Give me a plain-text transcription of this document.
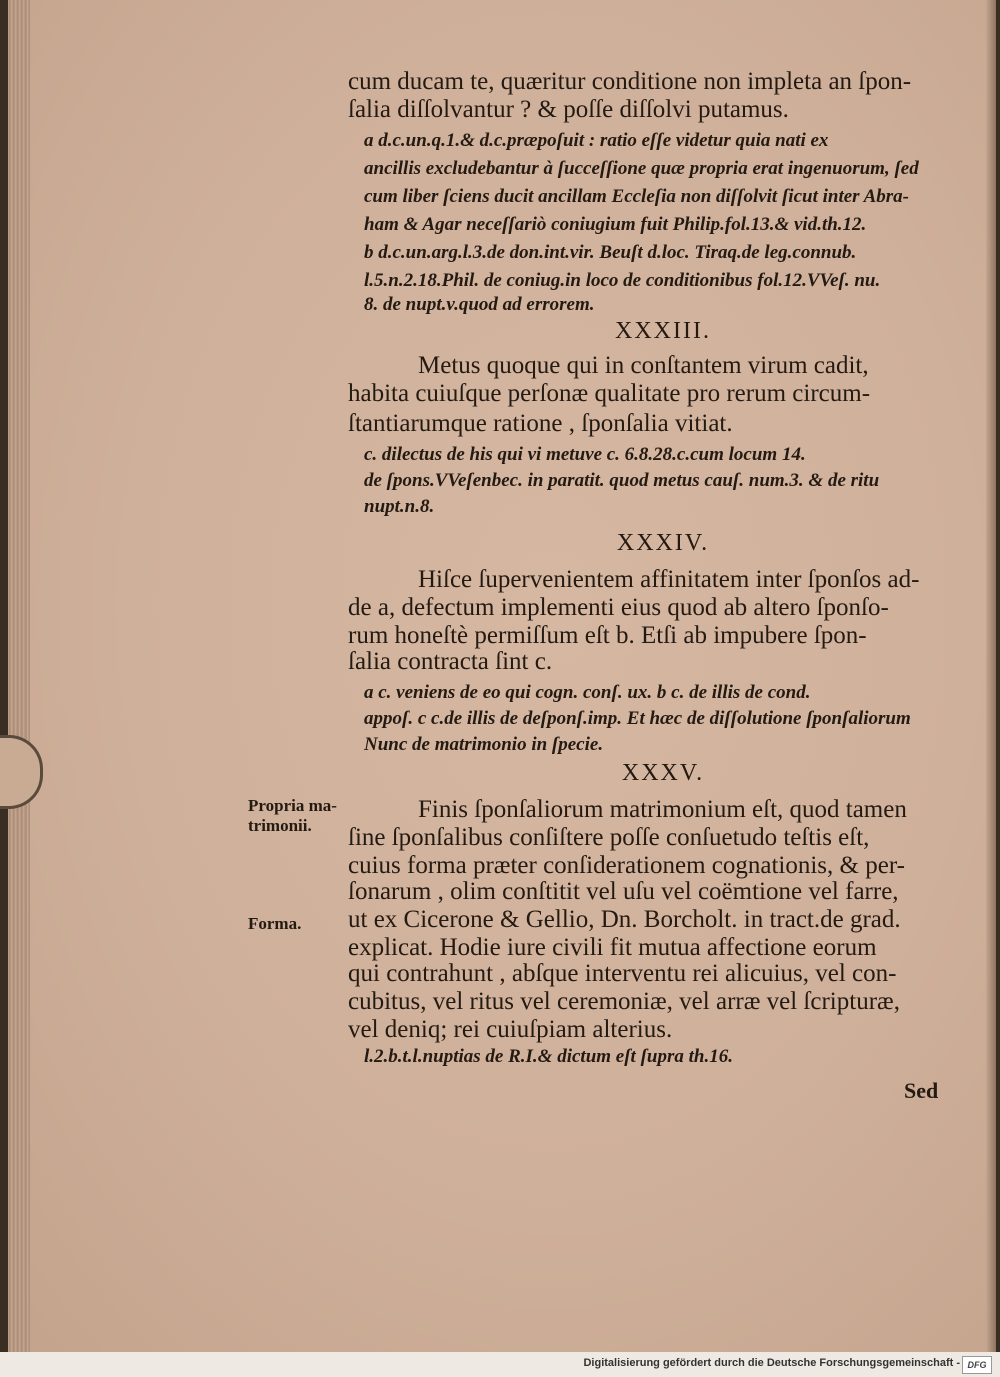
cum ducam te, quæritur conditione non impleta an ſpon-
ſalia diſſolvantur ? & poſſe diſſolvi putamus.
a d.c.un.q.1.& d.c.præpoſuit : ratio eſſe videtur quia nati ex
ancillis excludebantur à ſucceſſione quæ propria erat ingenuorum, ſed
cum liber ſciens ducit ancillam Eccleſia non diſſolvit ſicut inter Abra-
ham & Agar neceſſariò coniugium fuit Philip.fol.13.& vid.th.12.
b d.c.un.arg.l.3.de don.int.vir. Beuſt d.loc. Tiraq.de leg.connub.
l.5.n.2.18.Phil. de coniug.in loco de conditionibus fol.12.VVeſ. nu.
8. de nupt.v.quod ad errorem.
XXXIII.
Metus quoque qui in conſtantem virum cadit,
habita cuiuſque perſonæ qualitate pro rerum circum-
ſtantiarumque ratione , ſponſalia vitiat.
c. dilectus de his qui vi metuve c. 6.8.28.c.cum locum 14.
de ſpons.VVeſenbec. in paratit. quod metus cauſ. num.3. & de ritu
nupt.n.8.
XXXIV.
Hiſce ſupervenientem affinitatem inter ſponſos ad-
de a, defectum implementi eius quod ab altero ſponſo-
rum honeſtè permiſſum eſt b. Etſi ab impubere ſpon-
ſalia contracta ſint c.
a c. veniens de eo qui cogn. conſ. ux. b c. de illis de cond.
appoſ. c c.de illis de deſponſ.imp. Et hæc de diſſolutione ſponſaliorum
Nunc de matrimonio in ſpecie.
XXXV.
Finis ſponſaliorum matrimonium eſt, quod tamen
ſine ſponſalibus conſiſtere poſſe conſuetudo teſtis eſt,
cuius forma præter conſiderationem cognationis, & per-
ſonarum , olim conſtitit vel uſu vel coëmtione vel farre,
ut ex Cicerone & Gellio, Dn. Borcholt. in tract.de grad.
explicat. Hodie iure civili fit mutua affectione eorum
qui contrahunt , abſque interventu rei alicuius, vel con-
cubitus, vel ritus vel ceremoniæ, vel arræ vel ſcripturæ,
vel deniq; rei cuiuſpiam alterius.
l.2.b.t.l.nuptias de R.I.& dictum eſt ſupra th.16.
Propria ma-
trimonii.
Forma.
Sed
Digitalisierung gefördert durch die Deutsche Forschungsgemeinschaft - DFG
